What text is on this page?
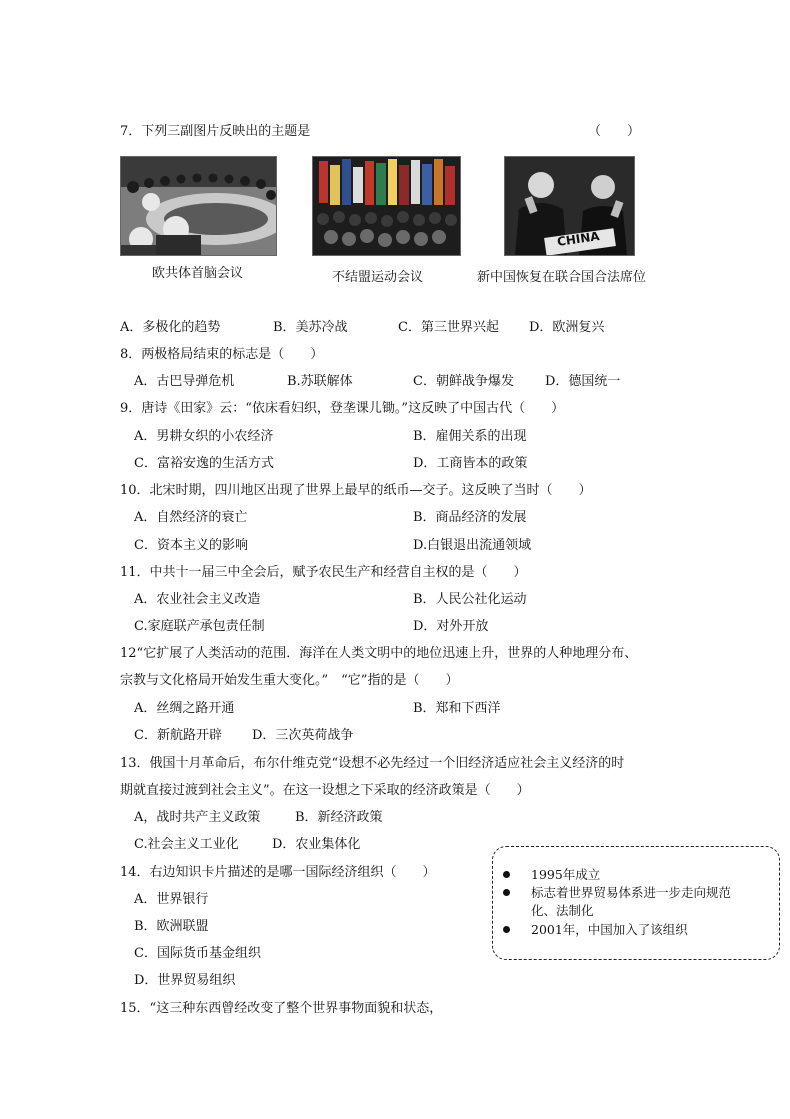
7．下列三副图片反映出的主题是	（　　）
CHINA
欧共体首脑会议	不结盟运动会议	新中国恢复在联合国合法席位
A．多极化的趋势	B．美苏冷战	C．第三世界兴起 D．欧洲复兴
8．两极格局结束的标志是（　　）
A．古巴导弹危机	B.苏联解体	C．朝鲜战争爆发 D．德国统一
9．唐诗《田家》云：“依床看妇织，登垄课儿锄。”这反映了中国古代（　　）
A．男耕女织的小农经济	B．雇佣关系的出现
C．富裕安逸的生活方式	D．工商皆本的政策
10．北宋时期，四川地区出现了世界上最早的纸币—交子。这反映了当时（　　）
A．自然经济的衰亡	B．商品经济的发展
C．资本主义的影响	D.白银退出流通领域
11．中共十一届三中全会后，赋予农民生产和经营自主权的是（　　）
A．农业社会主义改造	B．人民公社化运动
C.家庭联产承包责任制	D．对外开放
12“它扩展了人类活动的范围．海洋在人类文明中的地位迅速上升，世界的人种地理分布、
宗教与文化格局开始发生重大变化。”　“它”指的是（　　）
A．丝绸之路开通	B．郑和下西洋
C．新航路开辟 D．三次英荷战争
13．俄国十月革命后，布尔什维克党“设想不必先经过一个旧经济适应社会主义经济的时
期就直接过渡到社会主义”。在这一设想之下采取的经济政策是（　　）
A，战时共产主义政策	B．新经济政策
C.社会主义工业化	D．农业集体化
14．右边知识卡片描述的是哪一国际经济组织（　　）
A．世界银行
B．欧洲联盟
C．国际货币基金组织
D．世界贸易组织
1995年成立
标志着世界贸易体系进一步走向规范
化、法制化
2001年，中国加入了该组织
15．“这三种东西曾经改变了整个世界事物面貌和状态，
